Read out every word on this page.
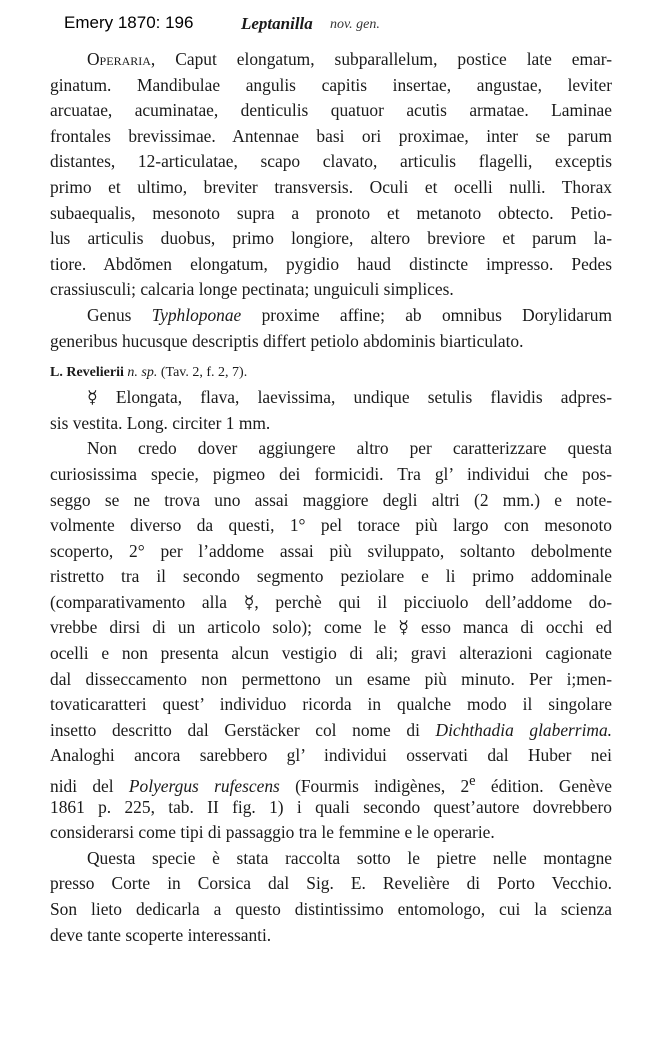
Emery 1870: 196	Leptanilla nov. gen.
Operaria, Caput elongatum, subparallelum, postice late emar-
ginatum. Mandibulae angulis capitis insertae, angustae, leviter
arcuatae, acuminatae, denticulis quatuor acutis armatae. Laminae
frontales brevissimae. Antennae basi ori proximae, inter se parum
distantes, 12-articulatae, scapo clavato, articulis flagelli, exceptis
primo et ultimo, breviter transversis. Oculi et ocelli nulli. Thorax
subaequalis, mesonoto supra a pronoto et metanoto obtecto. Petio-
lus articulis duobus, primo longiore, altero breviore et parum la-
tiore. Abdŏmen elongatum, pygidio haud distincte impresso. Pedes
crassiusculi; calcaria longe pectinata; unguiculi simplices.
Genus Typhloponae proxime affine; ab omnibus Dorylidarum
generibus hucusque descriptis differt petiolo abdominis biarticulato.
L. Revelierii n. sp. (Tav. 2, f. 2, 7).
☿ Elongata, flava, laevissima, undique setulis flavidis adpres-
sis vestita. Long. circiter 1 mm.
Non credo dover aggiungere altro per caratterizzare questa
curiosissima specie, pigmeo dei formicidi. Tra gl’ individui che pos-
seggo se ne trova uno assai maggiore degli altri (2 mm.) e note-
volmente diverso da questi, 1° pel torace più largo con mesonoto
scoperto, 2° per l’addome assai più sviluppato, soltanto debolmente
ristretto tra il secondo segmento peziolare e li primo addominale
(comparativamento alla ☿, perchè qui il picciuolo dell’addome do-
vrebbe dirsi di un articolo solo); come le ☿ esso manca di occhi ed
ocelli e non presenta alcun vestigio di ali; gravi alterazioni cagionate
dal disseccamento non permettono un esame più minuto. Per i;men-
tovaticaratteri quest’ individuo ricorda in qualche modo il singolare
insetto descritto dal Gerstäcker col nome di Dichthadia glaberrima.
Analoghi ancora sarebbero gl’ individui osservati dal Huber nei
nidi del Polyergus rufescens (Fourmis indigènes, 2e édition. Genève
1861 p. 225, tab. II fig. 1) i quali secondo quest’autore dovrebbero
considerarsi come tipi di passaggio tra le femmine e le operarie.
Questa specie è stata raccolta sotto le pietre nelle montagne
presso Corte in Corsica dal Sig. E. Revelière di Porto Vecchio.
Son lieto dedicarla a questo distintissimo entomologo, cui la scienza
deve tante scoperte interessanti.
